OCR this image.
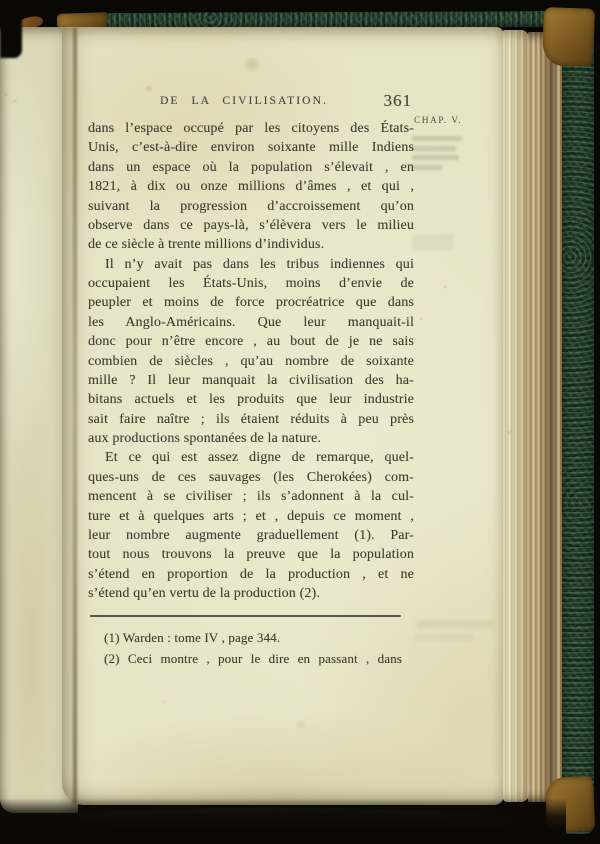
DE LA CIVILISATION.	361
CHAP. V.
dans l’espace occupé par les citoyens des États-
Unis, c’est-à-dire environ soixante mille Indiens
dans un espace où la population s’élevait , en
1821, à dix ou onze millions d’âmes , et qui ,
suivant la progression d’accroissement qu’on
observe dans ce pays-là, s’élèvera vers le milieu
de ce siècle à trente millions d’individus.
Il n’y avait pas dans les tribus indiennes qui
occupaient les États-Unis, moins d’envie de
peupler et moins de force procréatrice que dans
les Anglo-Américains. Que leur manquait-il
donc pour n’être encore , au bout de je ne sais
combien de siècles , qu’au nombre de soixante
mille ? Il leur manquait la civilisation des ha-
bitans actuels et les produits que leur industrie
sait faire naître ; ils étaient réduits à peu près
aux productions spontanées de la nature.
Et ce qui est assez digne de remarque, quel-
ques-uns de ces sauvages (les Cherokées) com-
mencent à se civiliser ; ils s’adonnent à la cul-
ture et à quelques arts ; et , depuis ce moment ,
leur nombre augmente graduellement (1). Par-
tout nous trouvons la preuve que la population
s’étend en proportion de la production , et ne
s’étend qu’en vertu de la production (2).
(1) Warden : tome IV , page 344.
(2) Ceci montre , pour le dire en passant , dans
